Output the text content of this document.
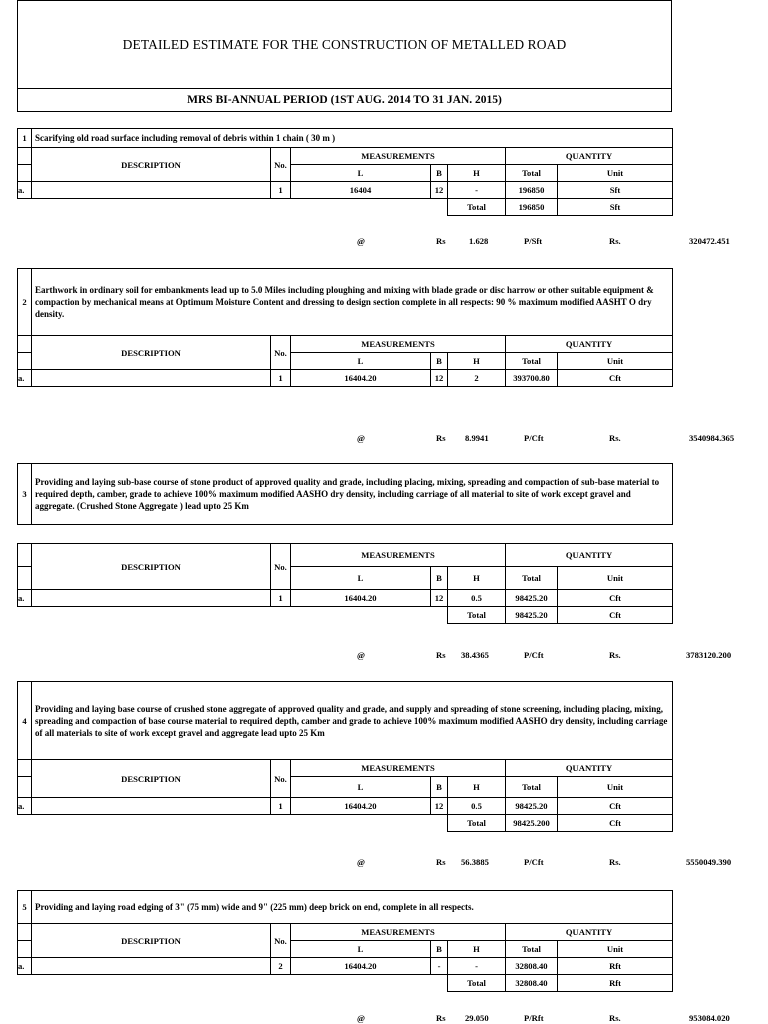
DETAILED ESTIMATE FOR THE CONSTRUCTION OF METALLED ROAD
MRS BI-ANNUAL PERIOD (1ST AUG. 2014 TO 31 JAN. 2015)
1	Scarifying old road surface including removal of debris within 1 chain ( 30 m )						
	DESCRIPTION	No.	MEASUREMENTS			QUANTITY	
			L	B	H	Total	Unit
a.		1	16404	12	-	196850	Sft
					Total	196850	Sft
@	Rs	1.628	P/Sft	Rs.	320472.451
2	Earthwork in ordinary soil for embankments lead up to 5.0 Miles including ploughing and mixing with blade grade or disc harrow or other suitable equipment & compaction by mechanical means at Optimum Moisture Content and dressing to design section complete in all respects: 90 % maximum modified AASHT O dry density.						
	DESCRIPTION	No.	MEASUREMENTS			QUANTITY	
			L	B	H	Total	Unit
a.		1	16404.20	12	2	393700.80	Cft
@	Rs 8.9941	P/Cft	Rs.	3540984.365
3	Providing and laying sub-base course of stone product of approved quality and grade, including placing, mixing, spreading and compaction of sub-base material to required depth, camber, grade to achieve 100% maximum modified AASHO dry density, including carriage of all material to site of work except gravel and aggregate. (Crushed Stone Aggregate ) lead upto 25 Km
	DESCRIPTION	No.	MEASUREMENTS			QUANTITY	
			L	B	H	Total	Unit
a.		1	16404.20	12	0.5	98425.20	Cft
					Total	98425.20	Cft
@	Rs 38.4365	P/Cft	Rs.	3783120.200
4	Providing and laying base course of crushed stone aggregate of approved quality and grade, and supply and spreading of stone screening, including placing, mixing, spreading and compaction of base course material to required depth, camber and grade to achieve 100% maximum modified AASHO dry density, including carriage of all materials to site of work except gravel and aggregate lead upto 25 Km						
	DESCRIPTION	No.	MEASUREMENTS			QUANTITY	
			L	B	H	Total	Unit
a.		1	16404.20	12	0.5	98425.20	Cft
					Total	98425.200	Cft
@	Rs 56.3885	P/Cft	Rs.	5550049.390
5	Providing and laying road edging of 3" (75 mm) wide and 9" (225 mm) deep brick on end, complete in all respects.						
	DESCRIPTION	No.	MEASUREMENTS			QUANTITY	
			L	B	H	Total	Unit
a.		2	16404.20	-	-	32808.40	Rft
					Total	32808.40	Rft
@	Rs 29.050	P/Rft	Rs.	953084.020
